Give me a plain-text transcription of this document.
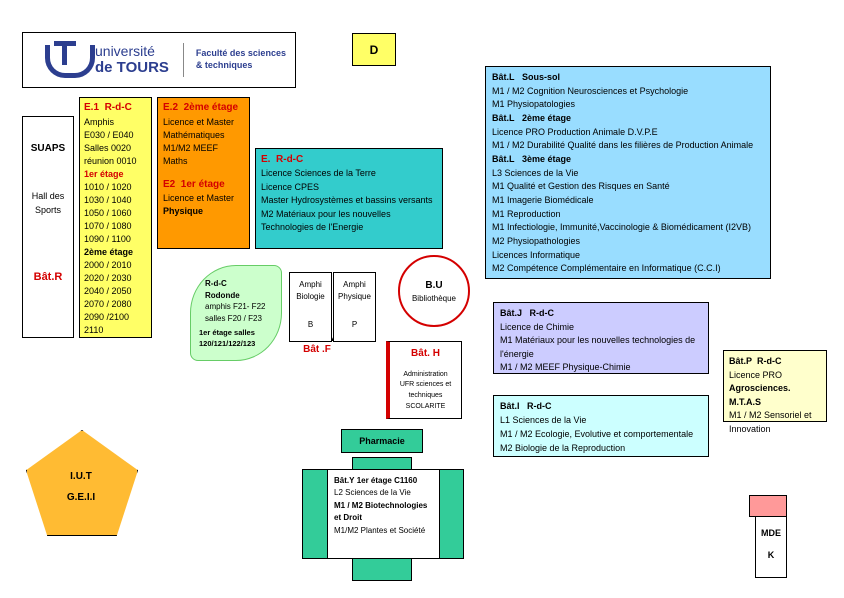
université
de TOURS
Faculté des sciences
& techniques
D
SUAPS
Hall des
Sports
Bât.R
E.1 R-d-C
Amphis
E030 / E040
Salles 0020
réunion 0010
1er étage
1010 / 1020
1030 / 1040
1050 / 1060
1070 / 1080
1090 / 1100
2ème étage
2000 / 2010
2020 / 2030
2040 / 2050
2070 / 2080
2090 /2100
2110
E.2 2ème étage
Licence et Master
Mathématiques
M1/M2 MEEF Maths
E2 1er étage
Licence et Master
Physique
E. R-d-C
Licence Sciences de la Terre
Licence CPES
Master Hydrosystèmes et bassins versants
M2 Matériaux pour les nouvelles
Technologies de l'Energie
R-d-C
Rodonde
amphis F21- F22
salles F20 / F23
1er étage salles
120/121/122/123
Bât .F
Amphi
Biologie
B
Amphi
Physique
P
B.U
Bibliothèque
Bât. H
Administration
UFR sciences et
techniques
SCOLARITE
Bât.L Sous-sol
M1 / M2 Cognition Neurosciences et Psychologie
M1 Physiopatologies
Bât.L 2ème étage
Licence PRO Production Animale D.V.P.E
M1 / M2 Durabilité Qualité dans les filières de Production Animale
Bât.L 3ème étage
L3 Sciences de la Vie
M1 Qualité et Gestion des Risques en Santé
M1 Imagerie Biomédicale
M1 Reproduction
M1 Infectiologie, Immunité,Vaccinologie & Biomédicament (I2VB)
M2 Physiopathologies
Licences Informatique
M2 Compétence Complémentaire en Informatique (C.C.I)
Bât.J R-d-C
Licence de Chimie
M1 Matériaux pour les nouvelles technologies de
l'énergie
M1 / M2 MEEF Physique-Chimie
Bât.P R-d-C
Licence PRO
Agrosciences. M.T.A.S
M1 / M2 Sensoriel et
Innovation
Bât.I R-d-C
L1 Sciences de la Vie
M1 / M2 Ecologie, Evolutive et comportementale
M2 Biologie de la Reproduction
I.U.T
G.E.I.I
Pharmacie
Bât.Y 1er étage C1160
L2 Sciences de la Vie
M1 / M2 Biotechnologies
et Droit
M1/M2 Plantes et Société	MDE
K
